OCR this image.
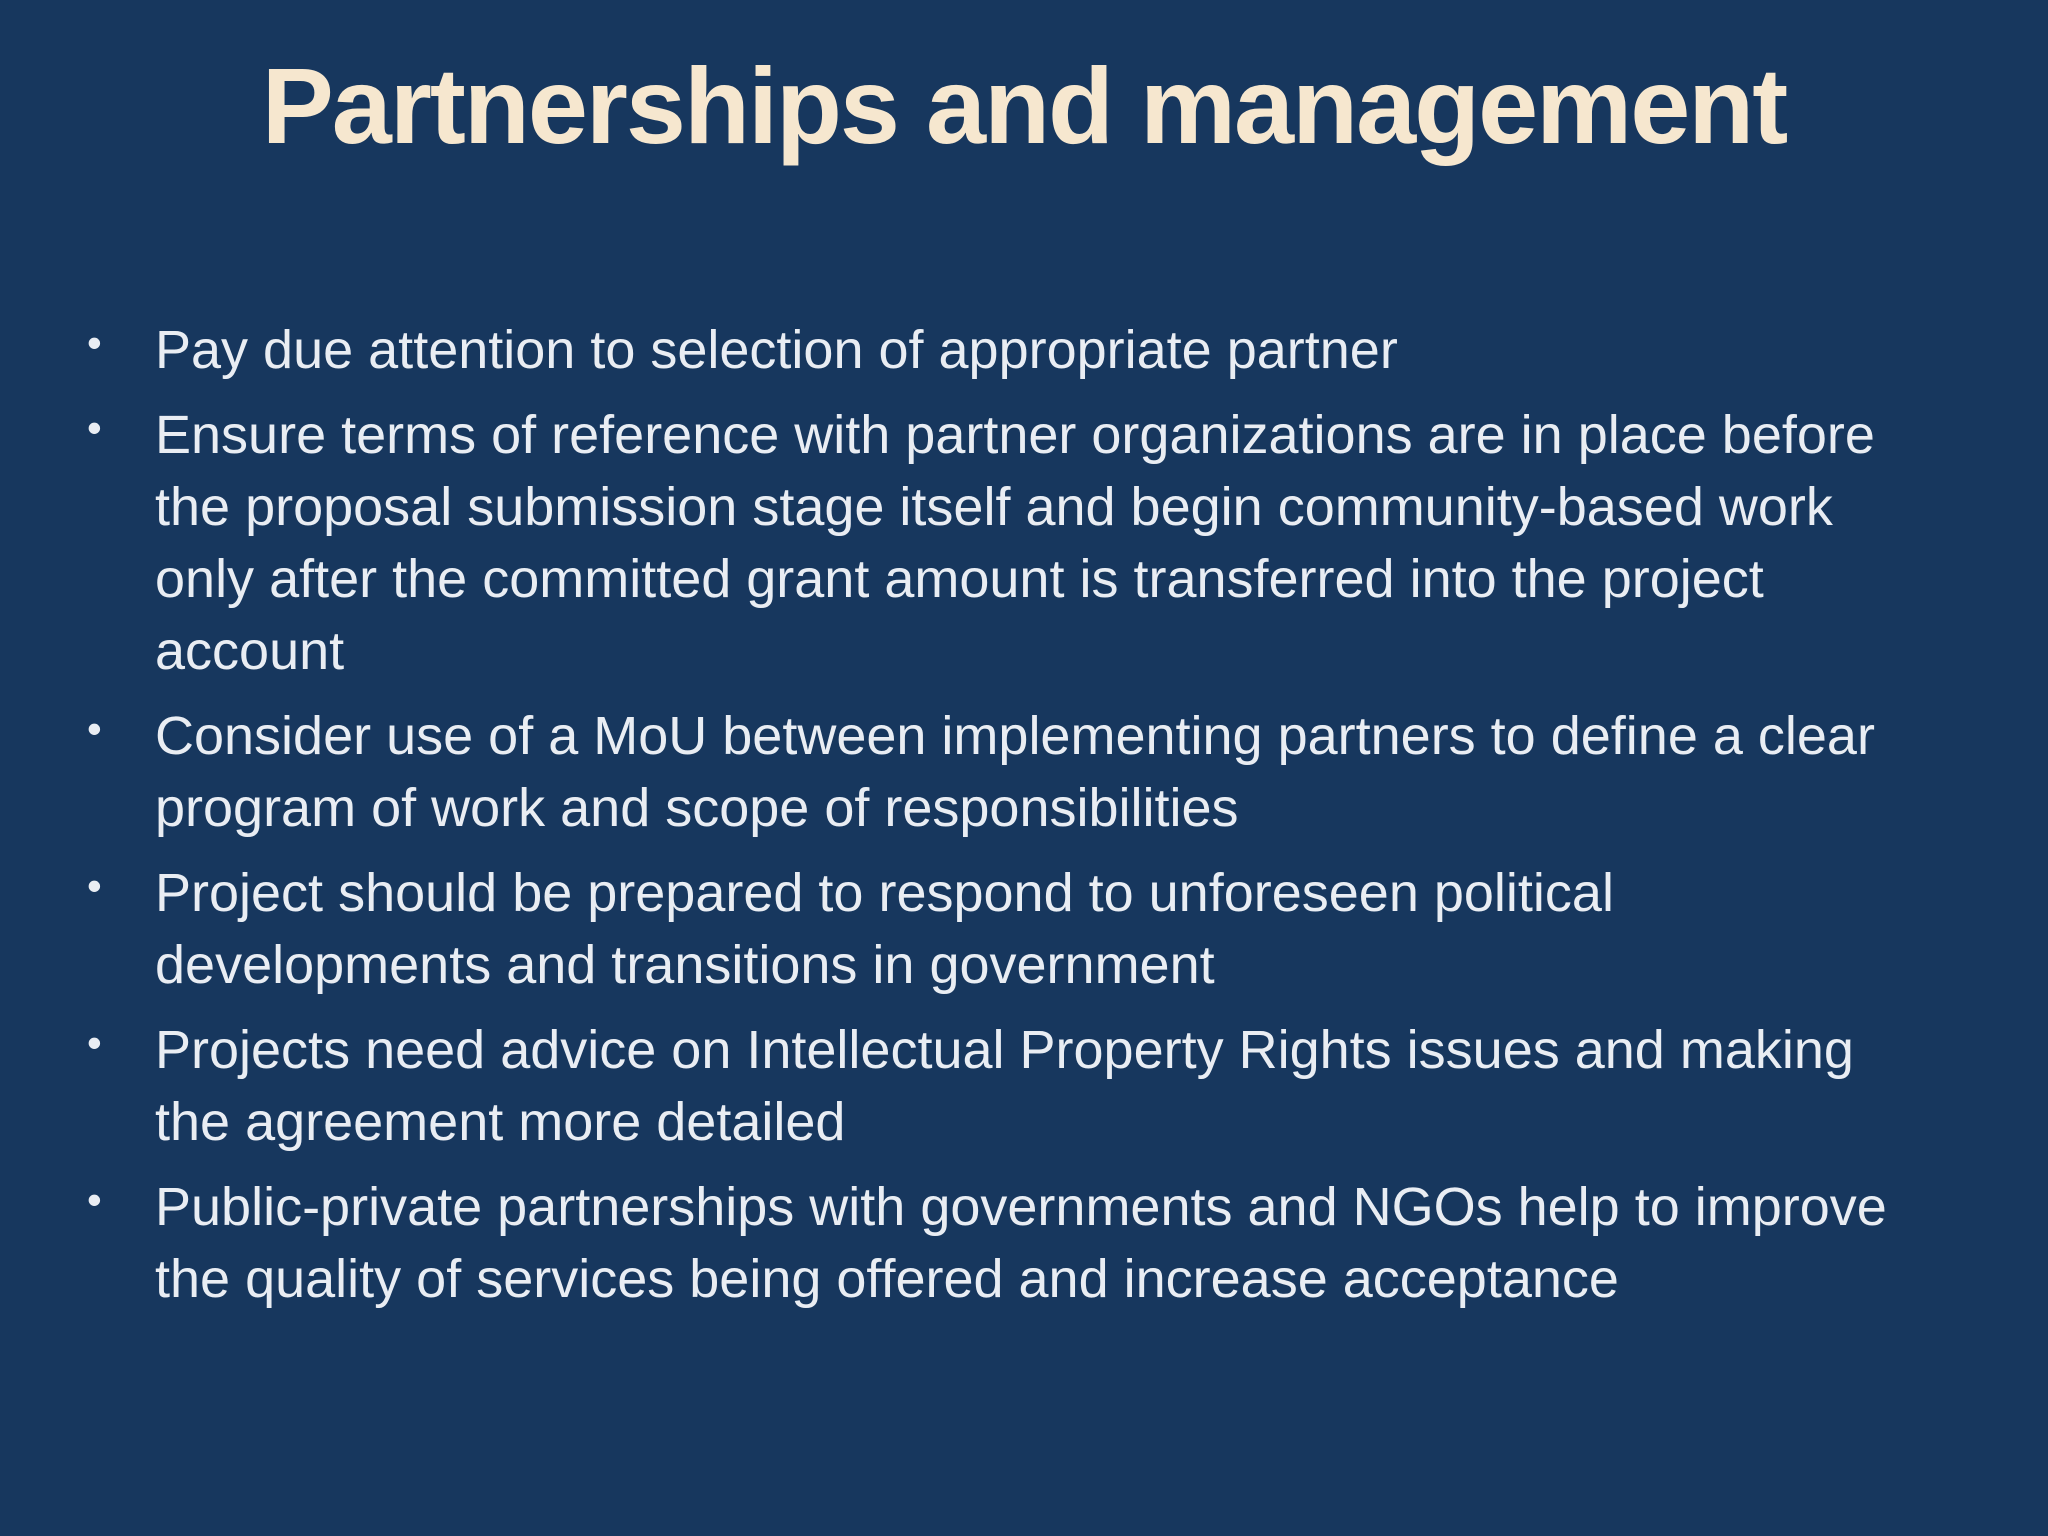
Partnerships and management
• Pay due attention to selection of appropriate partner
• Ensure terms of reference with partner organizations are in place before the proposal submission stage itself and begin community-based work only after the committed grant amount is transferred into the project account
• Consider use of a MoU between implementing partners to define a clear program of work and scope of responsibilities
• Project should be prepared to respond to unforeseen political developments and transitions in government
• Projects need advice on Intellectual Property Rights issues and making the agreement more detailed
• Public-private partnerships with governments and NGOs help to improve the quality of services being offered and increase acceptance
